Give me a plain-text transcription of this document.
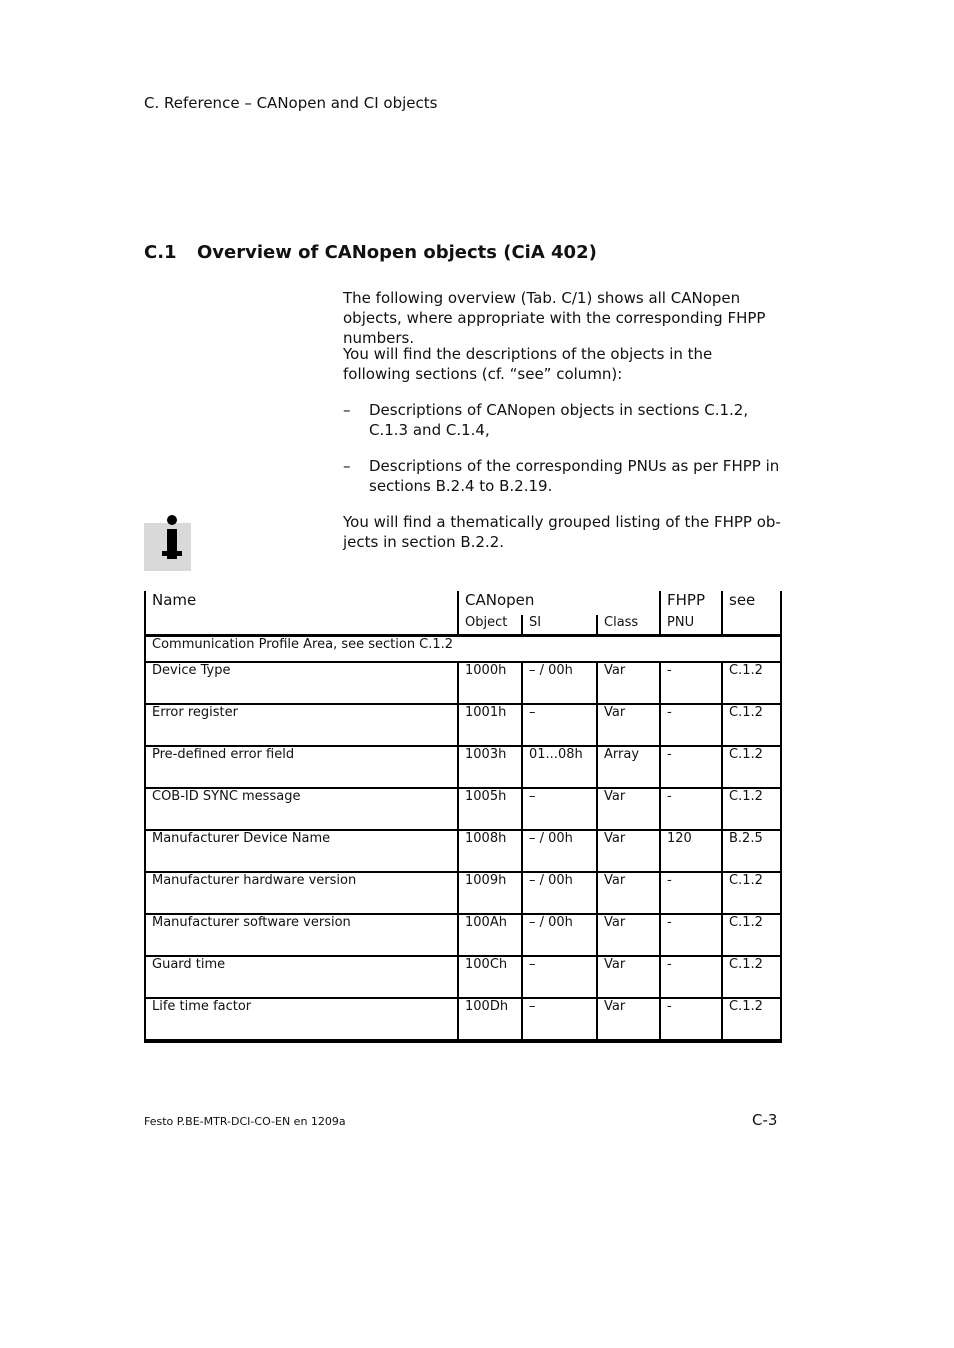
C. Reference – CANopen and CI objects
C.1 Overview of CANopen objects (CiA 402)
The following overview (Tab. C/1) shows all CANopen objects, where appropriate with the corresponding FHPP numbers.
You will find the descriptions of the objects in the following sections (cf. “see” column):
– Descriptions of CANopen objects in sections C.1.2, C.1.3 and C.1.4,
– Descriptions of the corresponding PNUs as per FHPP in sections B.2.4 to B.2.19.
You will find a thematically grouped listing of the FHPP objects in section B.2.2.
Name	CANopen			FHPP	see
	Object	SI	Class	PNU	
Communication Profile Area, see section C.1.2					
Device Type	1000h	– / 00h	Var	-	C.1.2
Error register	1001h	–	Var	-	C.1.2
Pre-defined error field	1003h	01...08h	Array	-	C.1.2
COB-ID SYNC message	1005h	–	Var	-	C.1.2
Manufacturer Device Name	1008h	– / 00h	Var	120	B.2.5
Manufacturer hardware version	1009h	– / 00h	Var	-	C.1.2
Manufacturer software version	100Ah	– / 00h	Var	-	C.1.2
Guard time	100Ch	–	Var	-	C.1.2
Life time factor	100Dh	–	Var	-	C.1.2
Festo P.BE-MTR-DCI-CO-EN en 1209a	C-3
